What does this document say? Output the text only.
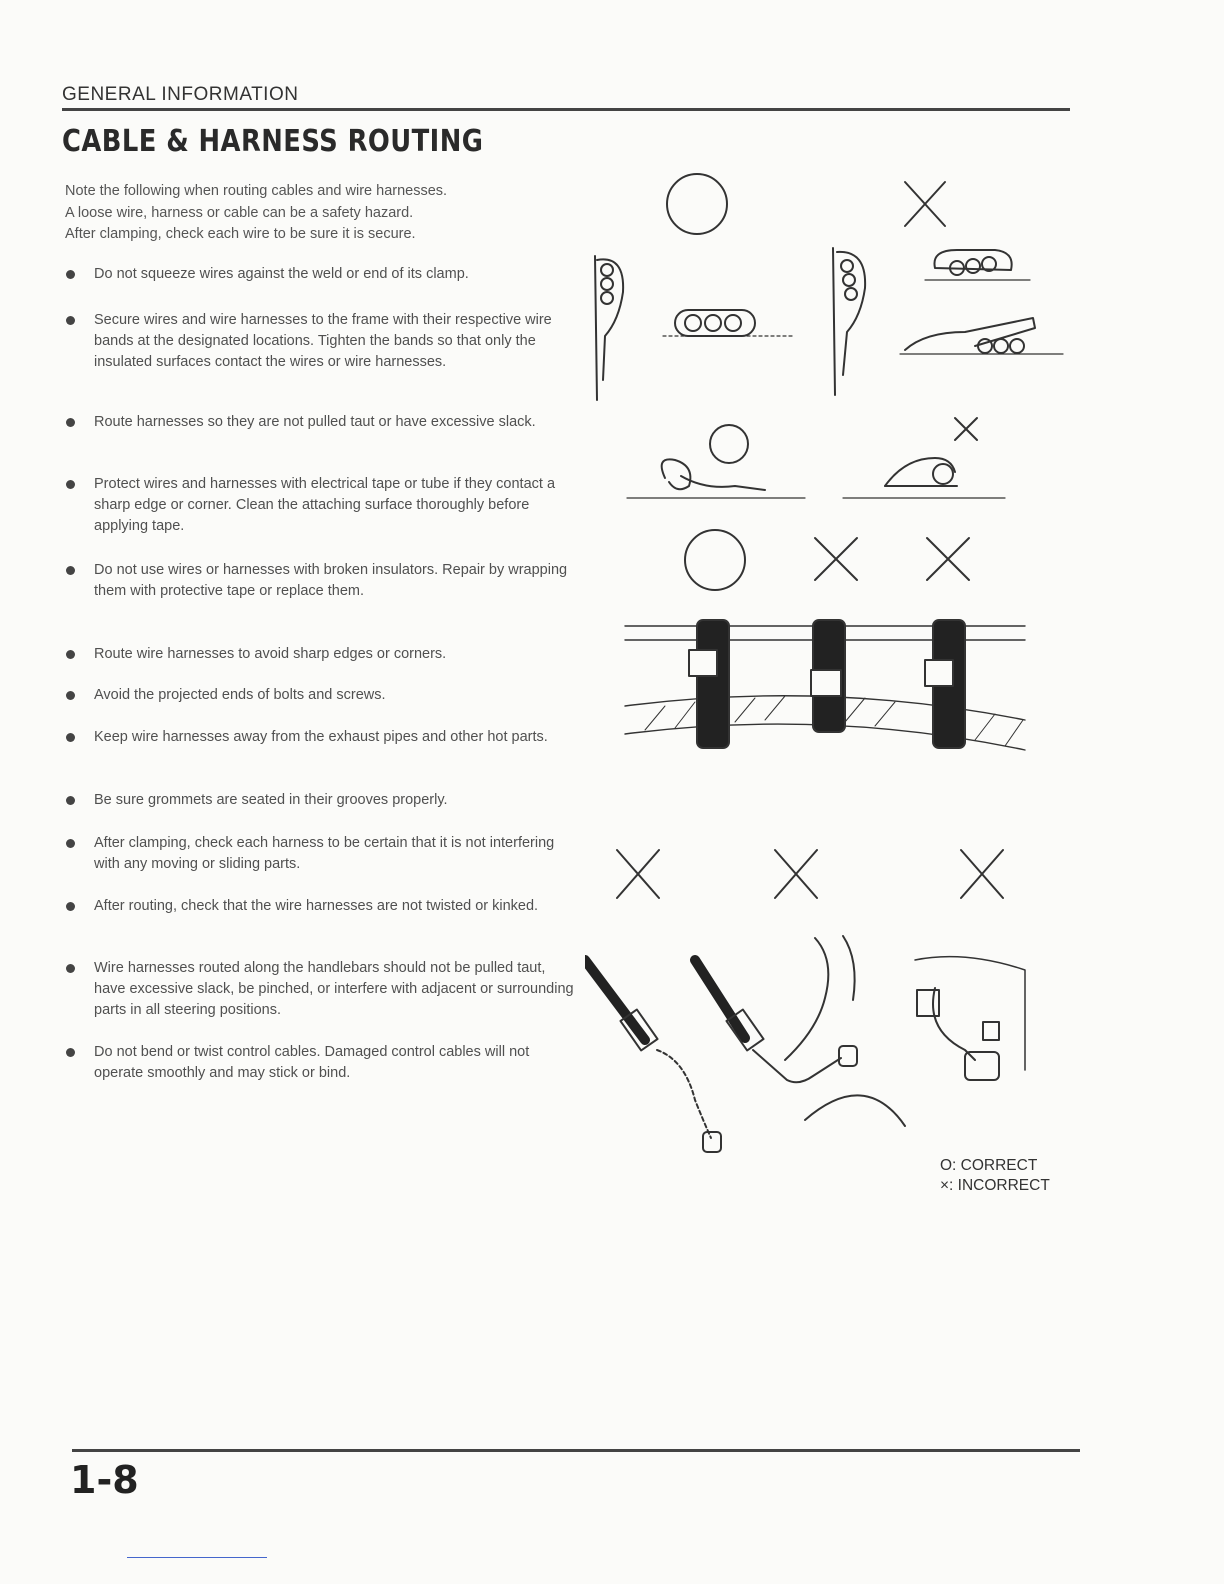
GENERAL INFORMATION
CABLE & HARNESS ROUTING
Note the following when routing cables and wire harnesses.
A loose wire, harness or cable can be a safety hazard.
After clamping, check each wire to be sure it is secure.
Do not squeeze wires against the weld or end of its clamp.
Secure wires and wire harnesses to the frame with their respective wire bands at the designated locations. Tighten the bands so that only the insulated surfaces contact the wires or wire harnesses.
Route harnesses so they are not pulled taut or have excessive slack.
Protect wires and harnesses with electrical tape or tube if they contact a sharp edge or corner. Clean the attaching surface thoroughly before applying tape.
Do not use wires or harnesses with broken insulators. Repair by wrapping them with protective tape or replace them.
Route wire harnesses to avoid sharp edges or corners.
Avoid the projected ends of bolts and screws.
Keep wire harnesses away from the exhaust pipes and other hot parts.
Be sure grommets are seated in their grooves properly.
After clamping, check each harness to be certain that it is not interfering with any moving or sliding parts.
After routing, check that the wire harnesses are not twisted or kinked.
Wire harnesses routed along the handlebars should not be pulled taut, have excessive slack, be pinched, or interfere with adjacent or surrounding parts in all steering positions.
Do not bend or twist control cables. Damaged control cables will not operate smoothly and may stick or bind.
O: CORRECT
×: INCORRECT
1-8
